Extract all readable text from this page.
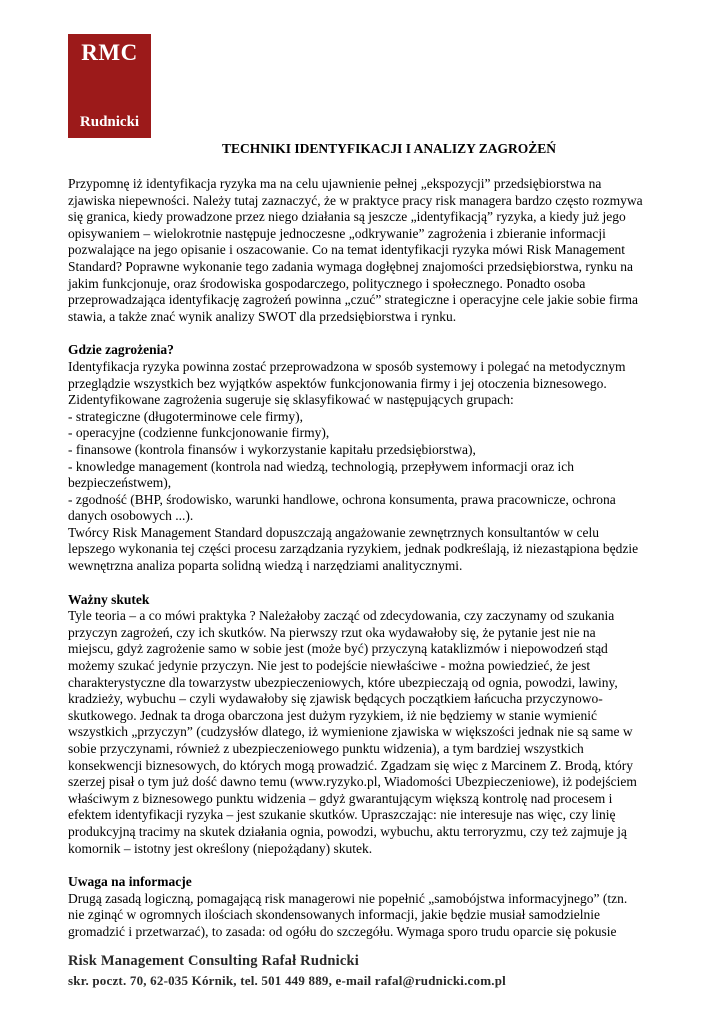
RMC
Rudnicki
TECHNIKI IDENTYFIKACJI I ANALIZY ZAGROŻEŃ
Przypomnę iż identyfikacja ryzyka ma na celu ujawnienie pełnej „ekspozycji” przedsiębiorstwa na
zjawiska niepewności. Należy tutaj zaznaczyć, że w praktyce pracy risk managera bardzo często rozmywa
się granica, kiedy prowadzone przez niego działania są jeszcze „identyfikacją” ryzyka, a kiedy już jego
opisywaniem – wielokrotnie następuje jednoczesne „odkrywanie” zagrożenia i zbieranie informacji
pozwalające na jego opisanie i oszacowanie. Co na temat identyfikacji ryzyka mówi Risk Management
Standard? Poprawne wykonanie tego zadania wymaga dogłębnej znajomości przedsiębiorstwa, rynku na
jakim funkcjonuje, oraz środowiska gospodarczego, politycznego i społecznego. Ponadto osoba
przeprowadzająca identyfikację zagrożeń powinna „czuć” strategiczne i operacyjne cele jakie sobie firma
stawia, a także znać wynik analizy SWOT dla przedsiębiorstwa i rynku.
Gdzie zagrożenia?
Identyfikacja ryzyka powinna zostać przeprowadzona w sposób systemowy i polegać na metodycznym
przeglądzie wszystkich bez wyjątków aspektów funkcjonowania firmy i jej otoczenia biznesowego.
Zidentyfikowane zagrożenia sugeruje się sklasyfikować w następujących grupach:
- strategiczne (długoterminowe cele firmy),
- operacyjne (codzienne funkcjonowanie firmy),
- finansowe (kontrola finansów i wykorzystanie kapitału przedsiębiorstwa),
- knowledge management (kontrola nad wiedzą, technologią, przepływem informacji oraz ich
bezpieczeństwem),
- zgodność (BHP, środowisko, warunki handlowe, ochrona konsumenta, prawa pracownicze, ochrona
danych osobowych ...).
Twórcy Risk Management Standard dopuszczają angażowanie zewnętrznych konsultantów w celu
lepszego wykonania tej części procesu zarządzania ryzykiem, jednak podkreślają, iż niezastąpiona będzie
wewnętrzna analiza poparta solidną wiedzą i narzędziami analitycznymi.
Ważny skutek
Tyle teoria – a co mówi praktyka ? Należałoby zacząć od zdecydowania, czy zaczynamy od szukania
przyczyn zagrożeń, czy ich skutków. Na pierwszy rzut oka wydawałoby się, że pytanie jest nie na
miejscu, gdyż zagrożenie samo w sobie jest (może być) przyczyną kataklizmów i niepowodzeń stąd
możemy szukać jedynie przyczyn. Nie jest to podejście niewłaściwe - można powiedzieć, że jest
charakterystyczne dla towarzystw ubezpieczeniowych, które ubezpieczają od ognia, powodzi, lawiny,
kradzieży, wybuchu – czyli wydawałoby się zjawisk będących początkiem łańcucha przyczynowo-
skutkowego. Jednak ta droga obarczona jest dużym ryzykiem, iż nie będziemy w stanie wymienić
wszystkich „przyczyn” (cudzysłów dlatego, iż wymienione zjawiska w większości jednak nie są same w
sobie przyczynami, również z ubezpieczeniowego punktu widzenia), a tym bardziej wszystkich
konsekwencji biznesowych, do których mogą prowadzić. Zgadzam się więc z Marcinem Z. Brodą, który
szerzej pisał o tym już dość dawno temu (www.ryzyko.pl, Wiadomości Ubezpieczeniowe), iż podejściem
właściwym z biznesowego punktu widzenia – gdyż gwarantującym większą kontrolę nad procesem i
efektem identyfikacji ryzyka – jest szukanie skutków. Upraszczając: nie interesuje nas więc, czy linię
produkcyjną tracimy na skutek działania ognia, powodzi, wybuchu, aktu terroryzmu, czy też zajmuje ją
komornik – istotny jest określony (niepożądany) skutek.
Uwaga na informacje
Drugą zasadą logiczną, pomagającą risk managerowi nie popełnić „samobójstwa informacyjnego” (tzn.
nie zginąć w ogromnych ilościach skondensowanych informacji, jakie będzie musiał samodzielnie
gromadzić i przetwarzać), to zasada: od ogółu do szczegółu. Wymaga sporo trudu oparcie się pokusie
Risk Management Consulting Rafał Rudnicki
skr. poczt. 70, 62-035 Kórnik, tel. 501 449 889, e-mail rafal@rudnicki.com.pl
